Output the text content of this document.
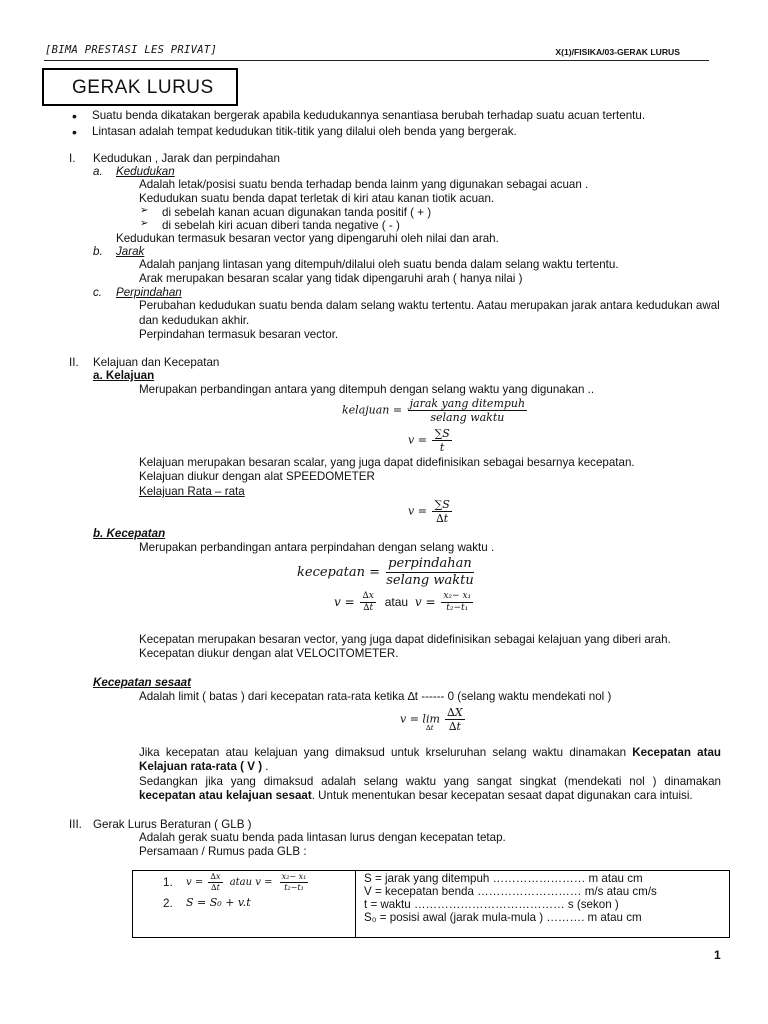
[BIMA PRESTASI LES PRIVAT]	X(1)/FISIKA/03-GERAK LURUS
GERAK LURUS
• Suatu benda dikatakan bergerak apabila kedudukannya senantiasa berubah terhadap suatu acuan tertentu.
• Lintasan adalah tempat kedudukan titik-titik yang dilalui oleh benda yang bergerak.
I. Kedudukan , Jarak dan perpindahan
a. Kedudukan
Adalah letak/posisi suatu benda terhadap benda lainm yang digunakan sebagai acuan .
Kedudukan suatu benda dapat terletak di kiri atau kanan tiotik acuan.
➢ di sebelah kanan acuan digunakan tanda positif ( + )
➢ di sebelah kiri acuan diberi tanda negative ( - )
Kedudukan termasuk besaran vector yang dipengaruhi oleh nilai dan arah.
b. Jarak
Adalah panjang lintasan yang ditempuh/dilalui oleh suatu benda dalam selang waktu tertentu.
Arak merupakan besaran scalar yang tidak dipengaruhi arah ( hanya nilai )
c. Perpindahan
Perubahan kedudukan suatu benda dalam selang waktu tertentu. Aatau merupakan jarak antara kedudukan awal
dan kedudukan akhir.
Perpindahan termasuk besaran vector.
II. Kelajuan dan Kecepatan
a. Kelajuan
Merupakan perbandingan antara yang ditempuh dengan selang waktu yang digunakan ..
kelajuan = $\frac{\text{jarak yang ditempuh}}{\text{selang waktu}}$
$v = \frac{\sum S}{t}$
Kelajuan merupakan besaran scalar, yang juga dapat didefinisikan sebagai besarnya kecepatan.
Kelajuan diukur dengan alat SPEEDOMETER
Kelajuan Rata – rata
$v = \frac{\sum S}{\Delta t}$
b. Kecepatan
Merupakan perbandingan antara perpindahan dengan selang waktu .
kecepatan = $\frac{\text{perpindahan}}{\text{selang waktu}}$
$v = \frac{\Delta x}{\Delta t}$ atau $v = \frac{\text{x₂− x₁}}{\text{t₂−t₁}}$
Kecepatan merupakan besaran vector, yang juga dapat didefinisikan sebagai kelajuan yang diberi arah.
Kecepatan diukur dengan alat VELOCITOMETER.
Kecepatan sesaat
Adalah limit ( batas ) dari kecepatan rata-rata ketika ∆t ------ 0 (selang waktu mendekati nol )
$v = \lim_{\Delta t} \frac{\Delta X}{\Delta t}$
Jika kecepatan atau kelajuan yang dimaksud untuk krseluruhan selang waktu dinamakan Kecepatan atau
Kelajuan rata-rata ( V ) .
Sedangkan jika yang dimaksud adalah selang waktu yang sangat singkat (mendekati nol ) dinamakan
kecepatan atau kelajuan sesaat. Untuk menentukan besar kecepatan sesaat dapat digunakan cara intuisi.
III. Gerak Lurus Beraturan ( GLB )
Adalah gerak suatu benda pada lintasan lurus dengan kecepatan tetap.
Persamaan / Rumus pada GLB :
1. $v = \frac{\Delta x}{\Delta t}$ atau $v = \frac{\text{x₂− x₁}}{\text{t₂−t₁}}$
2. S = S₀ + v.t
S = jarak yang ditempuh …………………… m atau cm
V = kecepatan benda ……………………… m/s atau cm/s
t = waktu ………………………………… s (sekon )
S₀ = posisi awal (jarak mula-mula ) ………. m atau cm
1
